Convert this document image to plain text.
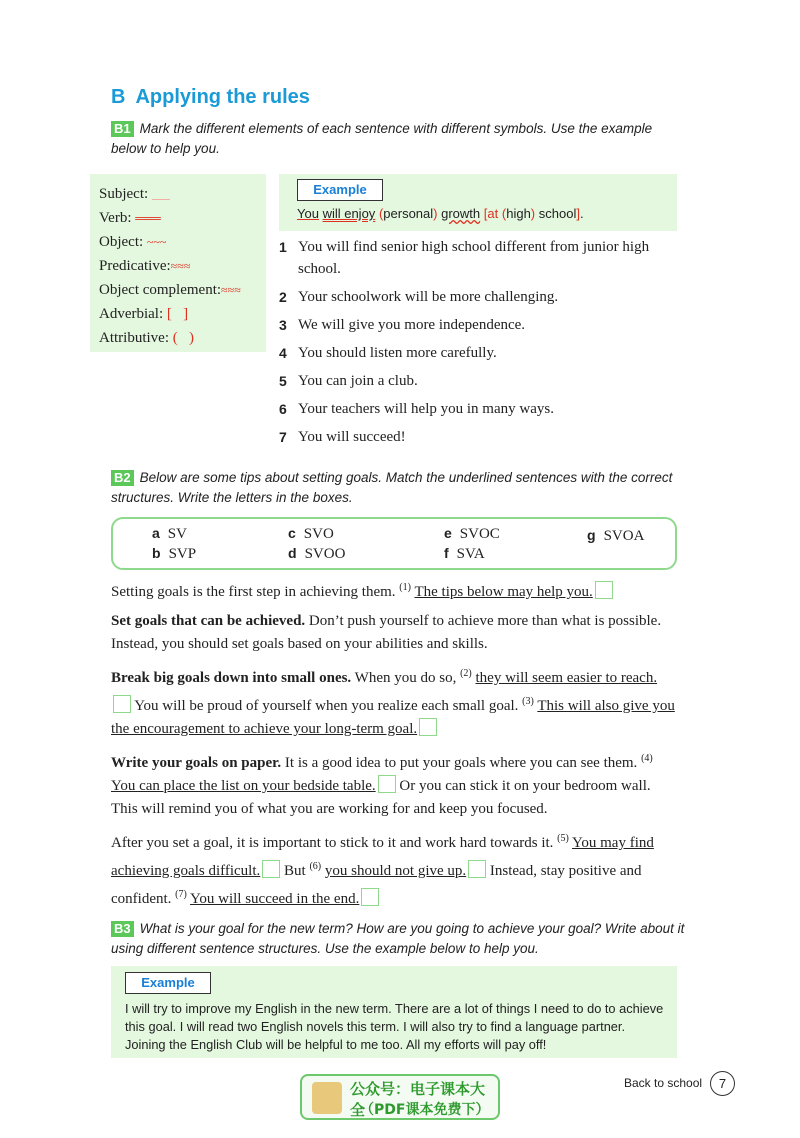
B Applying the rules
B1 Mark the different elements of each sentence with different symbols. Use the example below to help you.
Subject: ___
Verb: ═══
Object: ~~~
Predicative:≈≈≈
Object complement:≈≈≈
Adverbial: [   ]
Attributive: (   )
Example
You will enjoy (personal) growth [at (high) school].
1 You will find senior high school different from junior high school.
2 Your schoolwork will be more challenging.
3 We will give you more independence.
4 You should listen more carefully.
5 You can join a club.
6 Your teachers will help you in many ways.
7 You will succeed!
B2 Below are some tips about setting goals. Match the underlined sentences with the correct structures. Write the letters in the boxes.
a SV
b SVP
c SVO
d SVOO
e SVOC
f SVA
g SVOA

Setting goals is the first step in achieving them. $^{(1)}$ The tips below may help you.

Set goals that can be achieved. Don’t push yourself to achieve more than what is possible. Instead, you should set goals based on your abilities and skills.

Break big goals down into small ones. When you do so, $^{(2)}$ they will seem easier to reach. You will be proud of yourself when you realize each small goal. $^{(3)}$ This will also give you the encouragement to achieve your long-term goal.

Write your goals on paper. It is a good idea to put your goals where you can see them. $^{(4)}$ You can place the list on your bedside table. Or you can stick it on your bedroom wall. This will remind you of what you are working for and keep you focused.

After you set a goal, it is important to stick to it and work hard towards it. $^{(5)}$ You may find achieving goals difficult. But $^{(6)}$ you should not give up. Instead, stay positive and confident. $^{(7)}$ You will succeed in the end.

B3 What is your goal for the new term? How are you going to achieve your goal? Write about it using different sentence structures. Use the example below to help you.
Example
I will try to improve my English in the new term. There are a lot of things I need to do to achieve this goal. I will read two English novels this term. I will also try to find a language partner. Joining the English Club will be helpful to me too. All my efforts will pay off!
公众号：电子课本大全
（PDF课本免费下）
Back to school	7
